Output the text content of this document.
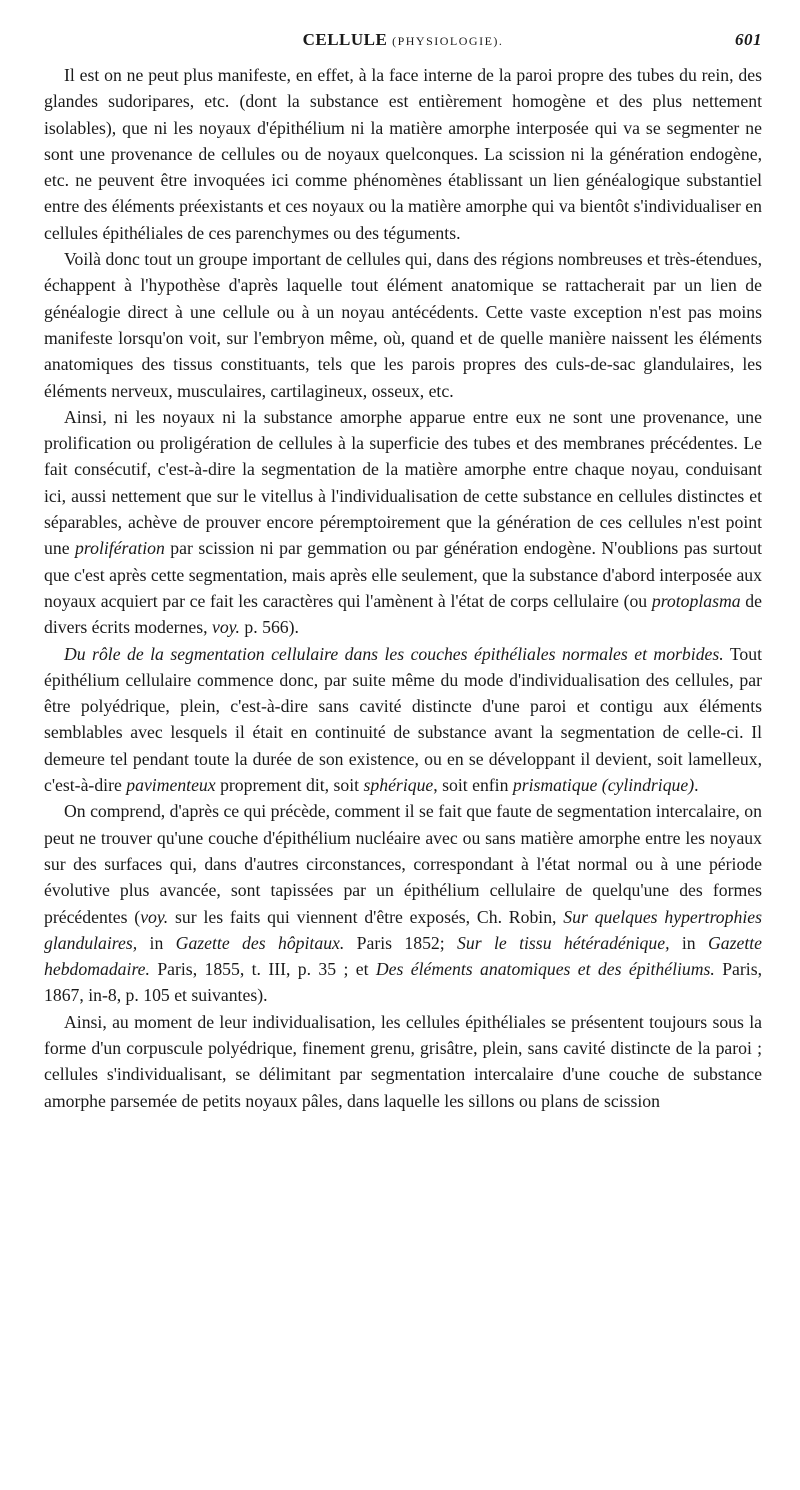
CELLULE (PHYSIOLOGIE).	601

Il est on ne peut plus manifeste, en effet, à la face interne de la paroi propre des tubes du rein, des glandes sudoripares, etc. (dont la substance est entièrement homogène et des plus nettement isolables), que ni les noyaux d'épithélium ni la matière amorphe interposée qui va se segmenter ne sont une provenance de cellules ou de noyaux quelconques. La scission ni la génération endogène, etc. ne peuvent être invoquées ici comme phénomènes établissant un lien généalogique substantiel entre des éléments préexistants et ces noyaux ou la matière amorphe qui va bientôt s'individualiser en cellules épithéliales de ces parenchymes ou des téguments.

Voilà donc tout un groupe important de cellules qui, dans des régions nombreuses et très-étendues, échappent à l'hypothèse d'après laquelle tout élément anatomique se rattacherait par un lien de généalogie direct à une cellule ou à un noyau antécédents. Cette vaste exception n'est pas moins manifeste lorsqu'on voit, sur l'embryon même, où, quand et de quelle manière naissent les éléments anatomiques des tissus constituants, tels que les parois propres des culs-de-sac glandulaires, les éléments nerveux, musculaires, cartilagineux, osseux, etc.

Ainsi, ni les noyaux ni la substance amorphe apparue entre eux ne sont une provenance, une prolification ou proligération de cellules à la superficie des tubes et des membranes précédentes. Le fait consécutif, c'est-à-dire la segmentation de la matière amorphe entre chaque noyau, conduisant ici, aussi nettement que sur le vitellus à l'individualisation de cette substance en cellules distinctes et séparables, achève de prouver encore péremptoirement que la génération de ces cellules n'est point une prolifération par scission ni par gemmation ou par génération endogène. N'oublions pas surtout que c'est après cette segmentation, mais après elle seulement, que la substance d'abord interposée aux noyaux acquiert par ce fait les caractères qui l'amènent à l'état de corps cellulaire (ou protoplasma de divers écrits modernes, voy. p. 566).

Du rôle de la segmentation cellulaire dans les couches épithéliales normales et morbides. Tout épithélium cellulaire commence donc, par suite même du mode d'individualisation des cellules, par être polyédrique, plein, c'est-à-dire sans cavité distincte d'une paroi et contigu aux éléments semblables avec lesquels il était en continuité de substance avant la segmentation de celle-ci. Il demeure tel pendant toute la durée de son existence, ou en se développant il devient, soit lamelleux, c'est-à-dire pavimenteux proprement dit, soit sphérique, soit enfin prismatique (cylindrique).

On comprend, d'après ce qui précède, comment il se fait que faute de segmentation intercalaire, on peut ne trouver qu'une couche d'épithélium nucléaire avec ou sans matière amorphe entre les noyaux sur des surfaces qui, dans d'autres circonstances, correspondant à l'état normal ou à une période évolutive plus avancée, sont tapissées par un épithélium cellulaire de quelqu'une des formes précédentes (voy. sur les faits qui viennent d'être exposés, Ch. Robin, Sur quelques hypertrophies glandulaires, in Gazette des hôpitaux. Paris 1852; Sur le tissu hétéradénique, in Gazette hebdomadaire. Paris, 1855, t. III, p. 35 ; et Des éléments anatomiques et des épithéliums. Paris, 1867, in-8, p. 105 et suivantes).

Ainsi, au moment de leur individualisation, les cellules épithéliales se présentent toujours sous la forme d'un corpuscule polyédrique, finement grenu, grisâtre, plein, sans cavité distincte de la paroi ; cellules s'individualisant, se délimitant par segmentation intercalaire d'une couche de substance amorphe parsemée de petits noyaux pâles, dans laquelle les sillons ou plans de scission
